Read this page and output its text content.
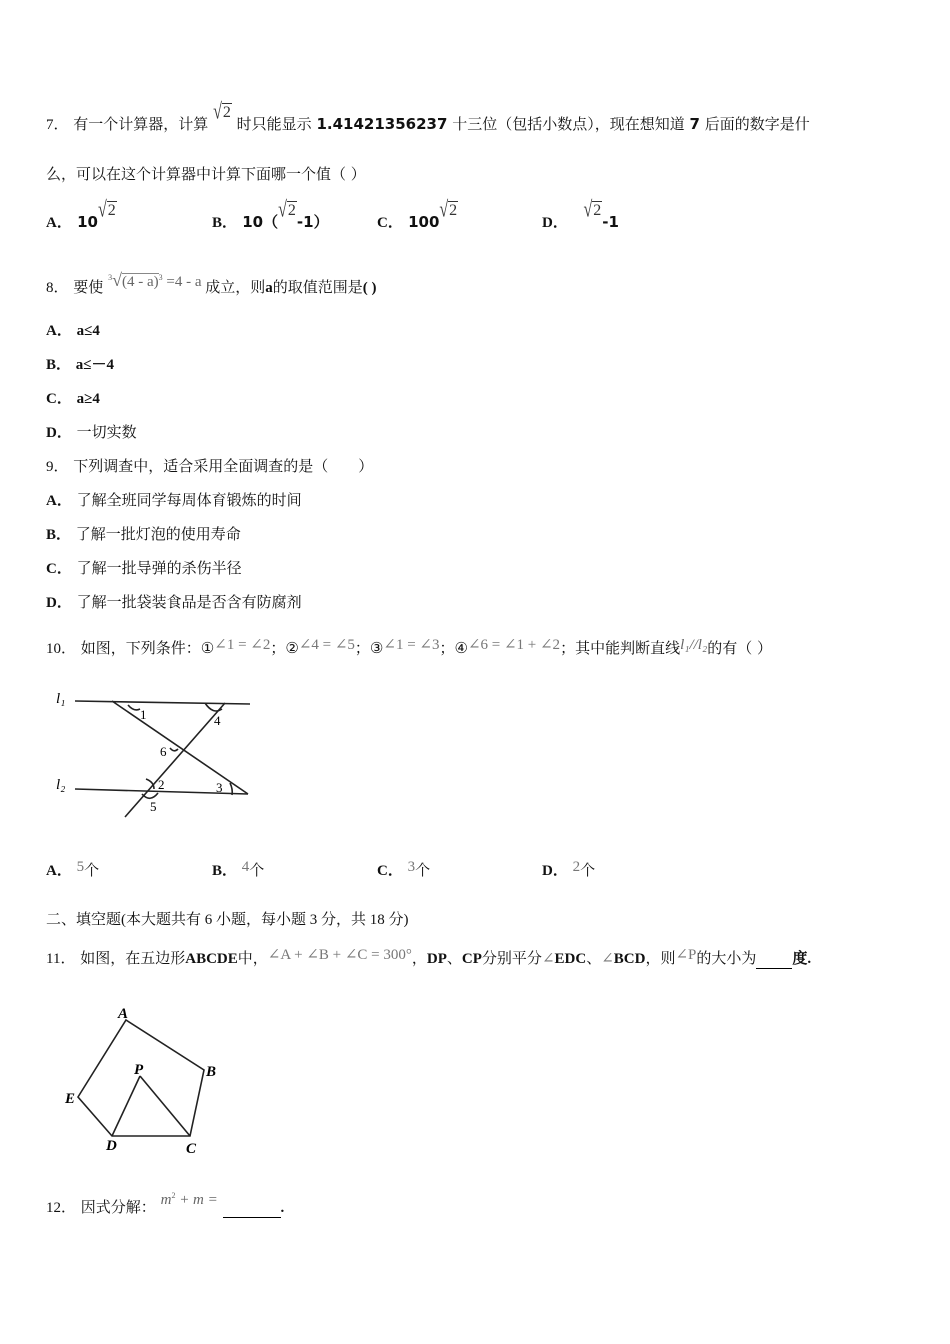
7． 有一个计算器，计算 √2 时只能显示 1.41421356237 十三位（包括小数点），现在想知道 7 后面的数字是什
么，可以在这个计算器中计算下面哪一个值（ ）
A． 10√2
B． 10（√2-1）	C． 100√2
D．   √2-1
8． 要使 $^3$√(4 - a)$^3$ =4 - a 成立，则a的取值范围是( )
A． a≤4
B． a≤－4
C． a≥4
D． 一切实数
9． 下列调查中，适合采用全面调查的是（　　）
A． 了解全班同学每周体育锻炼的时间
B． 了解一批灯泡的使用寿命
C． 了解一批导弹的杀伤半径
D． 了解一批袋装食品是否含有防腐剂
10． 如图，下列条件：①∠1 = ∠2；②∠4 = ∠5；③∠1 = ∠3；④∠6 = ∠1 + ∠2；其中能判断直线l₁//l₂的有（ ）
l₁
l₂
1	4
6
2	3
5
A． 5个	B． 4个	C． 3个	D． 2个
二、填空题(本大题共有 6 小题，每小题 3 分，共 18 分)
11． 如图，在五边形ABCDE中，∠A + ∠B + ∠C = 300°，DP、CP分别平分∠EDC、∠BCD，则∠P的大小为 度.
A
B
C
D
E
P
12． 因式分解： $m^2 + m$ =	.
